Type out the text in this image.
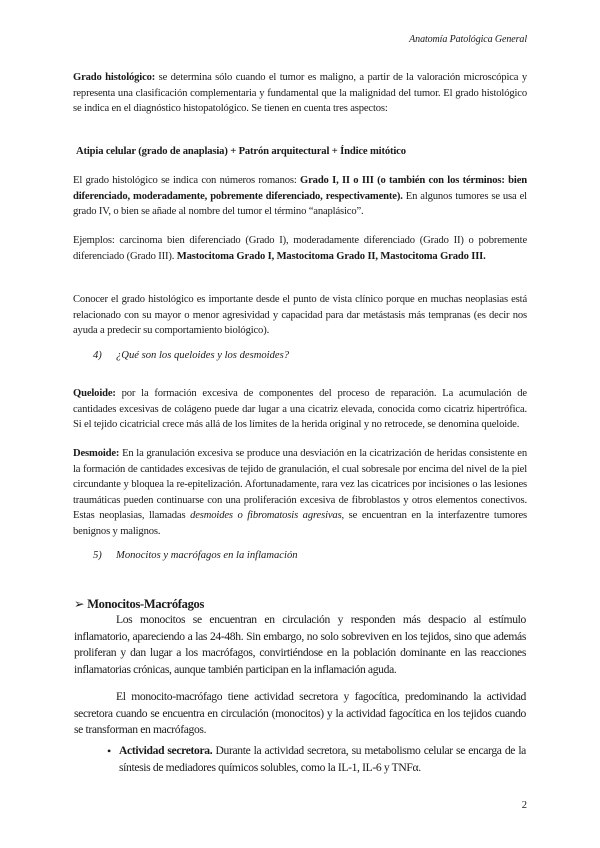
Anatomía Patológica General

Grado histológico: se determina sólo cuando el tumor es maligno, a partir de la valoración microscópica y representa una clasificación complementaria y fundamental que la malignidad del tumor. El grado histológico se indica en el diagnóstico histopatológico. Se tienen en cuenta tres aspectos:

Atipia celular (grado de anaplasia) + Patrón arquitectural + Índice mitótico

El grado histológico se indica con números romanos: Grado I, II o III (o también con los términos: bien diferenciado, moderadamente, pobremente diferenciado, respectivamente). En algunos tumores se usa el grado IV, o bien se añade al nombre del tumor el término “anaplásico”.

Ejemplos: carcinoma bien diferenciado (Grado I), moderadamente diferenciado (Grado II) o pobremente diferenciado (Grado III). Mastocitoma Grado I, Mastocitoma Grado II, Mastocitoma Grado III.

Conocer el grado histológico es importante desde el punto de vista clínico porque en muchas neoplasias está relacionado con su mayor o menor agresividad y capacidad para dar metástasis más tempranas (es decir nos ayuda a predecir su comportamiento biológico).

4) ¿Qué son los queloides y los desmoides?

Queloide: por la formación excesiva de componentes del proceso de reparación. La acumulación de cantidades excesivas de colágeno puede dar lugar a una cicatriz elevada, conocida como cicatriz hipertrófica. Si el tejido cicatricial crece más allá de los límites de la herida original y no retrocede, se denomina queloide.

Desmoide: En la granulación excesiva se produce una desviación en la cicatrización de heridas consistente en la formación de cantidades excesivas de tejido de granulación, el cual sobresale por encima del nivel de la piel circundante y bloquea la re-epitelización. Afortunadamente, rara vez las cicatrices por incisiones o las lesiones traumáticas pueden continuarse con una proliferación excesiva de fibroblastos y otros elementos conectivos. Estas neoplasias, llamadas desmoides o fibromatosis agresivas, se encuentran en la interfazentre tumores benignos y malignos.

5) Monocitos y macrófagos en la inflamación
➢ Monocitos-Macrófagos

Los monocitos se encuentran en circulación y responden más despacio al estímulo inflamatorio, apareciendo a las 24-48h. Sin embargo, no solo sobreviven en los tejidos, sino que además proliferan y dan lugar a los macrófagos, convirtiéndose en la población dominante en las reacciones inflamatorias crónicas, aunque también participan en la inflamación aguda.

El monocito-macrófago tiene actividad secretora y fagocítica, predominando la actividad secretora cuando se encuentra en circulación (monocitos) y la actividad fagocítica en los tejidos cuando se transforman en macrófagos.

• Actividad secretora. Durante la actividad secretora, su metabolismo celular se encarga de la síntesis de mediadores químicos solubles, como la IL-1, IL-6 y TNFα.

2
